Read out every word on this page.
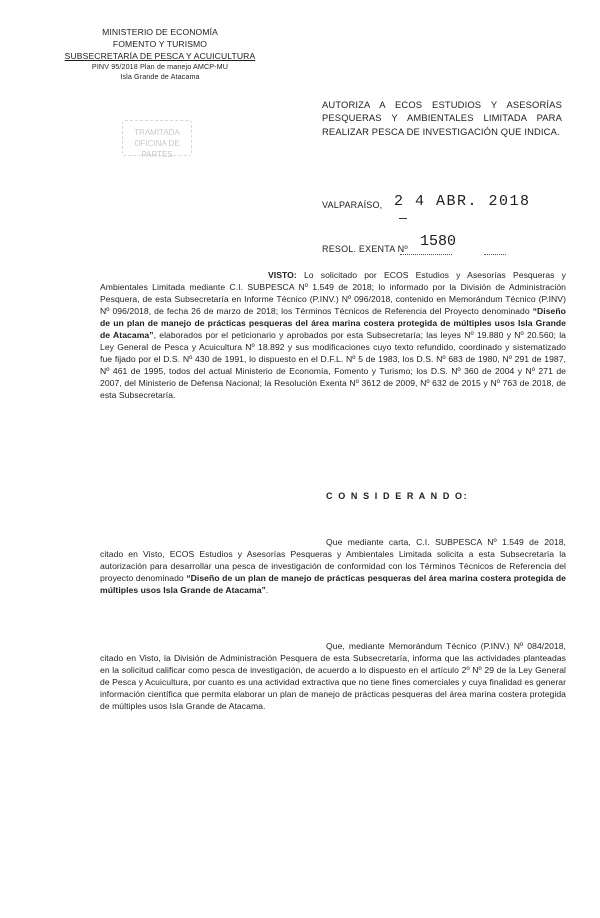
MINISTERIO DE ECONOMÍA
FOMENTO Y TURISMO
SUBSECRETARÍA DE PESCA Y ACUICULTURA
PINV 95/2018 Plan de manejo AMCP-MU
Isla Grande de Atacama
TRAMITADA
OFICINA DE PARTES
AUTORIZA A ECOS ESTUDIOS Y ASESORÍAS PESQUERAS Y AMBIENTALES LIMITADA PARA REALIZAR PESCA DE INVESTIGACIÓN QUE INDICA.
VALPARAÍSO, 2 4 ABR. 2018
RESOL. EXENTA Nº 1580
VISTO: Lo solicitado por ECOS Estudios y Asesorías Pesqueras y Ambientales Limitada mediante C.I. SUBPESCA Nº 1.549 de 2018; lo informado por la División de Administración Pesquera, de esta Subsecretaría en Informe Técnico (P.INV.) Nº 096/2018, contenido en Memorándum Técnico (P.INV) Nº 096/2018, de fecha 26 de marzo de 2018; los Términos Técnicos de Referencia del Proyecto denominado “Diseño de un plan de manejo de prácticas pesqueras del área marina costera protegida de múltiples usos Isla Grande de Atacama”, elaborados por el peticionario y aprobados por esta Subsecretaría; las leyes Nº 19.880 y Nº 20.560; la Ley General de Pesca y Acuicultura Nº 18.892 y sus modificaciones cuyo texto refundido, coordinado y sistematizado fue fijado por el D.S. Nº 430 de 1991, lo dispuesto en el D.F.L. Nº 5 de 1983, los D.S. Nº 683 de 1980, Nº 291 de 1987, Nº 461 de 1995, todos del actual Ministerio de Economía, Fomento y Turismo; los D.S. Nº 360 de 2004 y Nº 271 de 2007, del Ministerio de Defensa Nacional; la Resolución Exenta Nº 3612 de 2009, Nº 632 de 2015 y Nº 763 de 2018, de esta Subsecretaría.
C O N S I D E R A N D O:
Que mediante carta, C.I. SUBPESCA Nº 1.549 de 2018, citado en Visto, ECOS Estudios y Asesorías Pesqueras y Ambientales Limitada solicita a esta Subsecretaría la autorización para desarrollar una pesca de investigación de conformidad con los Términos Técnicos de Referencia del proyecto denominado “Diseño de un plan de manejo de prácticas pesqueras del área marina costera protegida de múltiples usos Isla Grande de Atacama”.
Que, mediante Memorándum Técnico (P.INV.) Nº 084/2018, citado en Visto, la División de Administración Pesquera de esta Subsecretaría, informa que las actividades planteadas en la solicitud calificar como pesca de investigación, de acuerdo a lo dispuesto en el artículo 2º Nº 29 de la Ley General de Pesca y Acuicultura, por cuanto es una actividad extractiva que no tiene fines comerciales y cuya finalidad es generar información científica que permita elaborar un plan de manejo de prácticas pesqueras del área marina costera protegida de múltiples usos Isla Grande de Atacama.
